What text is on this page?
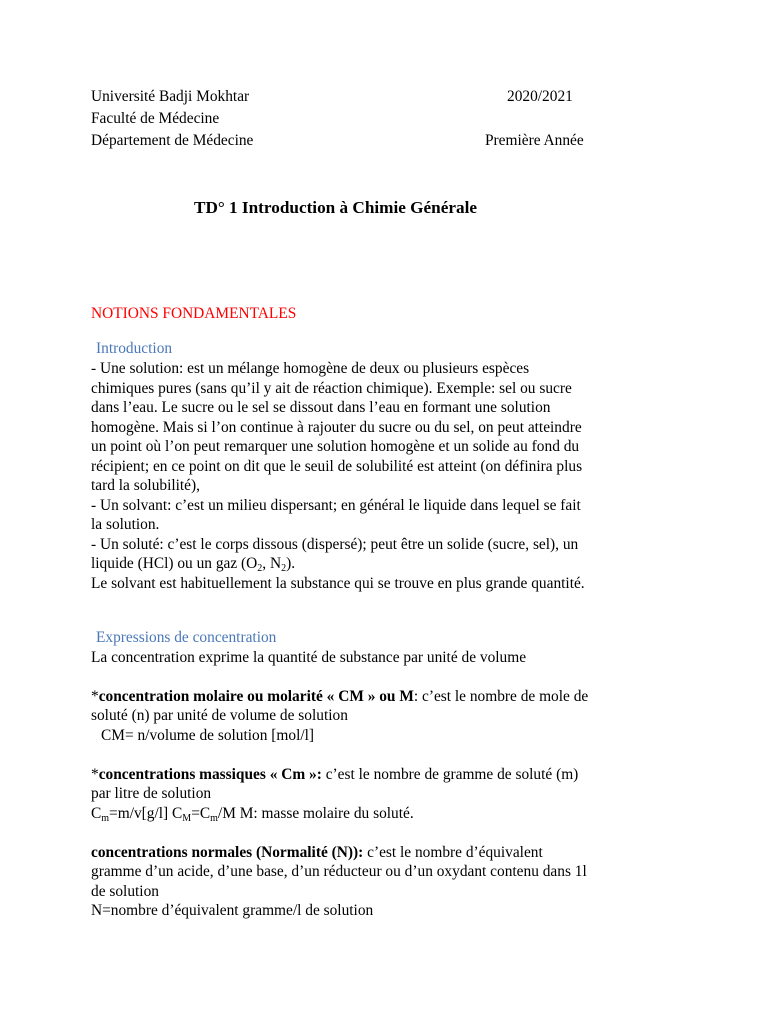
Université Badji Mokhtar	2020/2021
Faculté de Médecine
Département de Médecine	Première Année
TD° 1 Introduction à Chimie Générale
NOTIONS FONDAMENTALES
Introduction
- Une solution: est un mélange homogène de deux ou plusieurs espèces
chimiques pures (sans qu’il y ait de réaction chimique). Exemple: sel ou sucre
dans l’eau. Le sucre ou le sel se dissout dans l’eau en formant une solution
homogène. Mais si l’on continue à rajouter du sucre ou du sel, on peut atteindre
un point où l’on peut remarquer une solution homogène et un solide au fond du
récipient; en ce point on dit que le seuil de solubilité est atteint (on définira plus
tard la solubilité),
- Un solvant: c’est un milieu dispersant; en général le liquide dans lequel se fait
la solution.
- Un soluté: c’est le corps dissous (dispersé); peut être un solide (sucre, sel), un
liquide (HCl) ou un gaz ($O_2$, $N_2$).
Le solvant est habituellement la substance qui se trouve en plus grande quantité.
Expressions de concentration
La concentration exprime la quantité de substance par unité de volume
*concentration molaire ou molarité « CM » ou M: c’est le nombre de mole de
soluté (n) par unité de volume de solution
CM= n/volume de solution [mol/l]
*concentrations massiques « Cm »: c’est le nombre de gramme de soluté (m)
par litre de solution
$C_m=m/v[g/l]$ $C_M=C_m/M$ M: masse molaire du soluté.
concentrations normales (Normalité (N)): c’est le nombre d’équivalent
gramme d’un acide, d’une base, d’un réducteur ou d’un oxydant contenu dans 1l
de solution
N=nombre d’équivalent gramme/l de solution
